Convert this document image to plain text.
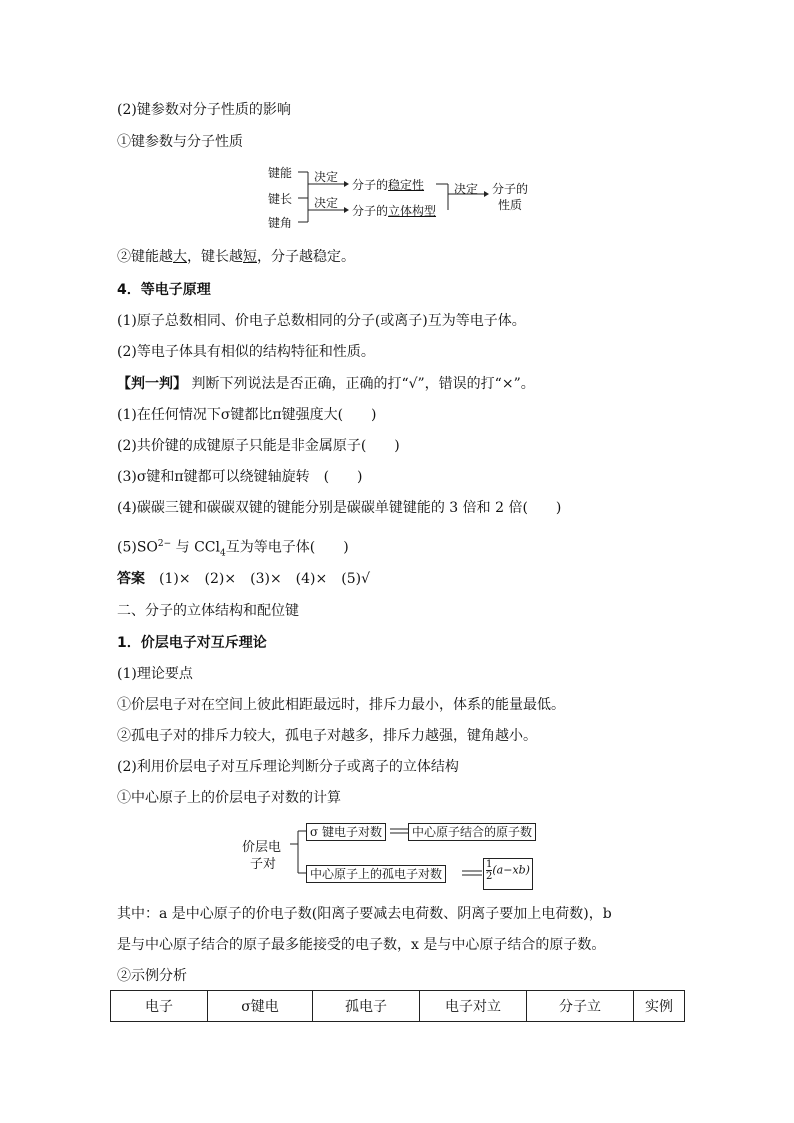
(2)键参数对分子性质的影响
①键参数与分子性质
键能
键长
键角
决定
决定
分子的稳定性
分子的立体构型
决定 分子的
性质
②键能越大，键长越短，分子越稳定。
4．等电子原理
(1)原子总数相同、价电子总数相同的分子(或离子)互为等电子体。
(2)等电子体具有相似的结构特征和性质。
【判一判】 判断下列说法是否正确，正确的打“√”，错误的打“×”。
(1)在任何情况下σ键都比π键强度大(　　)
(2)共价键的成键原子只能是非金属原子(　　)
(3)σ键和π键都可以绕键轴旋转　(　　)
(4)碳碳三键和碳碳双键的键能分别是碳碳单键键能的 3 倍和 2 倍(　　)
$(5)SO^{2-}$ 与 CCl$_4$互为等电子体(　　)
答案　(1)×　(2)×　(3)×　(4)×　(5)√
二、分子的立体结构和配位键
1．价层电子对互斥理论
(1)理论要点
①价层电子对在空间上彼此相距最远时，排斥力最小，体系的能量最低。
②孤电子对的排斥力较大，孤电子对越多，排斥力越强，键角越小。
(2)利用价层电子对互斥理论判断分子或离子的立体结构
①中心原子上的价层电子对数的计算
价层电
子对
σ 键电子对数	中心原子结合的原子数
中心原子上的孤电子对数	$\frac{1}{2} (a-xb)$
其中：a 是中心原子的价电子数(阳离子要减去电荷数、阴离子要加上电荷数)，b
是与中心原子结合的原子最多能接受的电子数，x 是与中心原子结合的原子数。
②示例分析
电子	σ键电	孤电子	电子对立	分子立	实例
